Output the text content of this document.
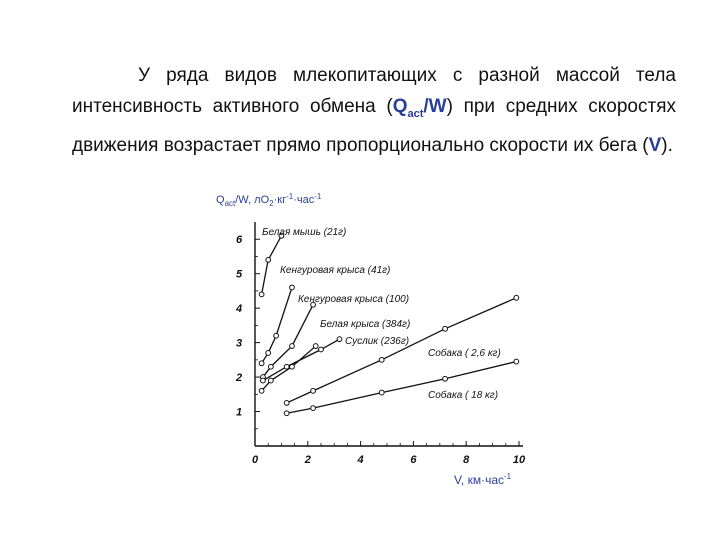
У ряда видов млекопитающих с разной массой тела интенсивность активного обмена $(Q_{act}/W)$ при средних скоростях движения возрастает прямо пропорционально скорости их бега (V).
0	2	4	6	8	10
1
2
3
4
5
6
$Q_{act}/W$, $лO_2\cdot кг^{-1}\cdot час^{-1}$
V, км·час$^{-1}$
Белая мышь (21г)
Кенгуровая крыса (41г)
Кенгуровая крыса (100)
Белая крыса (384г)
Суслик (236г)
Собака ( 2,6 кг)
Собака ( 18 кг)
